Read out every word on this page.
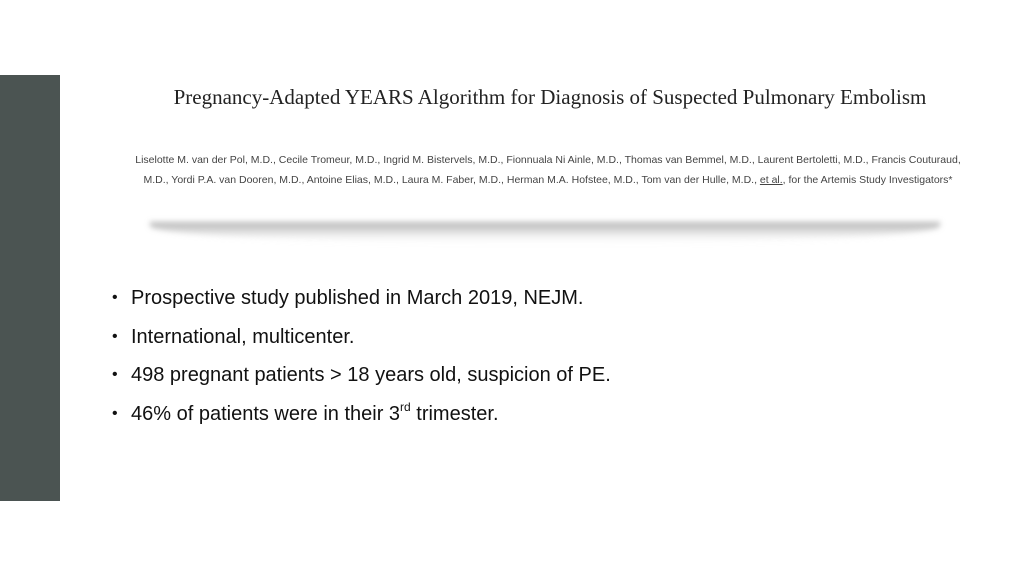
Pregnancy-Adapted YEARS Algorithm for Diagnosis of Suspected Pulmonary Embolism
Liselotte M. van der Pol, M.D., Cecile Tromeur, M.D., Ingrid M. Bistervels, M.D., Fionnuala Ni Ainle, M.D., Thomas van Bemmel, M.D., Laurent Bertoletti, M.D., Francis Couturaud, M.D., Yordi P.A. van Dooren, M.D., Antoine Elias, M.D., Laura M. Faber, M.D., Herman M.A. Hofstee, M.D., Tom van der Hulle, M.D., et al., for the Artemis Study Investigators*
• Prospective study published in March 2019, NEJM.
• International, multicenter.
• 498 pregnant patients > 18 years old, suspicion of PE.
• 46% of patients were in their 3rd trimester.
